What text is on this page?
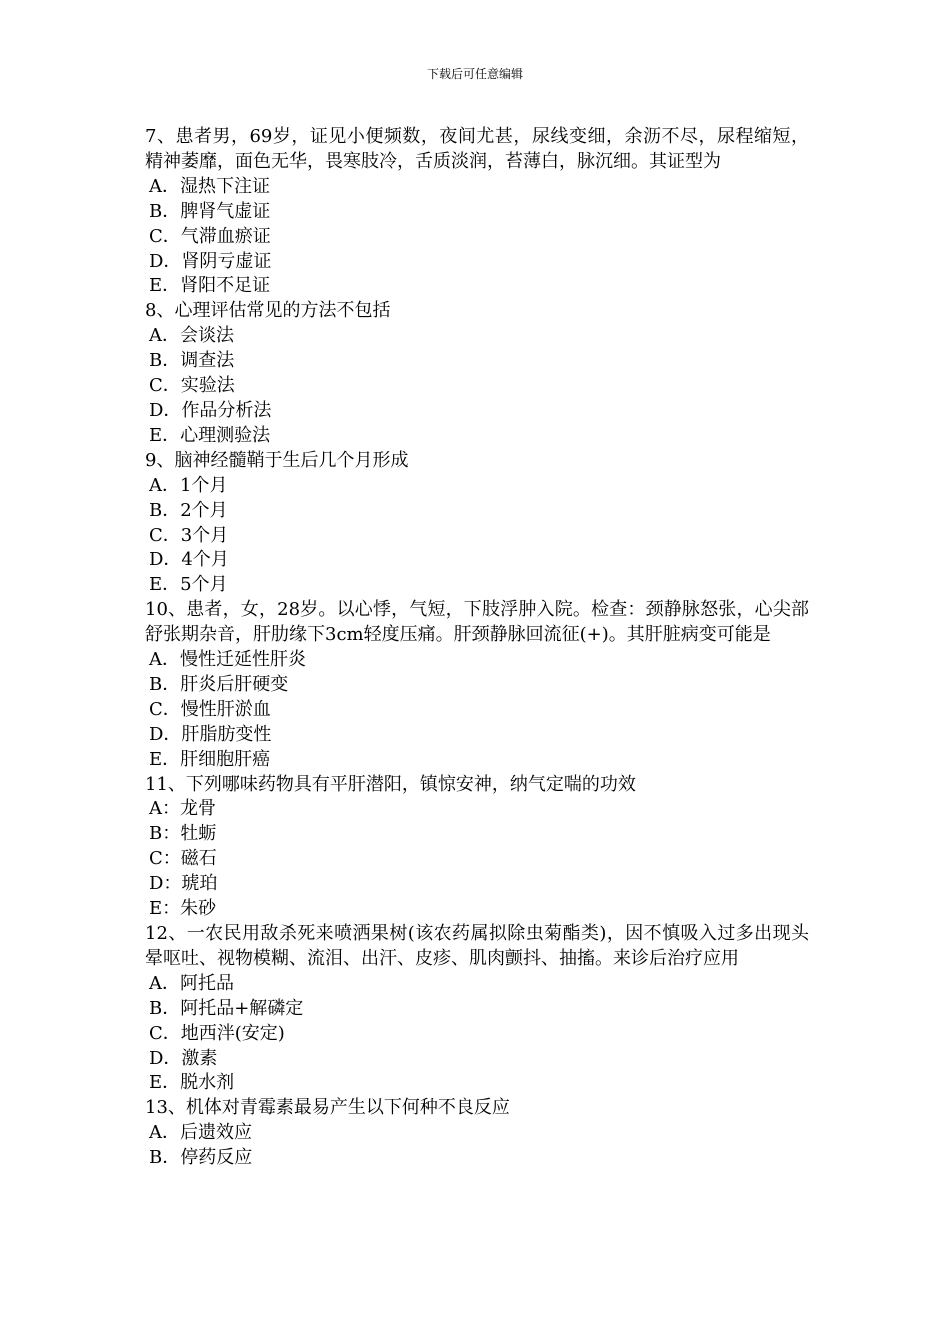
下载后可任意编辑

7、患者男，69岁，证见小便频数，夜间尤甚，尿线变细，余沥不尽，尿程缩短，精神萎靡，面色无华，畏寒肢冷，舌质淡润，苔薄白，脉沉细。其证型为

A．湿热下注证

B．脾肾气虚证

C．气滞血瘀证

D．肾阴亏虚证

E．肾阳不足证

8、心理评估常见的方法不包括

A．会谈法

B．调查法

C．实验法

D．作品分析法

E．心理测验法

9、脑神经髓鞘于生后几个月形成

A．1个月

B．2个月

C．3个月

D．4个月

E．5个月

10、患者，女，28岁。以心悸，气短，下肢浮肿入院。检查：颈静脉怒张，心尖部舒张期杂音，肝肋缘下3cm轻度压痛。肝颈静脉回流征(+)。其肝脏病变可能是

A．慢性迁延性肝炎

B．肝炎后肝硬变

C．慢性肝淤血

D．肝脂肪变性

E．肝细胞肝癌

11、下列哪味药物具有平肝潜阳，镇惊安神，纳气定喘的功效

A：龙骨

B：牡蛎

C：磁石

D：琥珀

E：朱砂

12、一农民用敌杀死来喷洒果树(该农药属拟除虫菊酯类)，因不慎吸入过多出现头晕呕吐、视物模糊、流泪、出汗、皮疹、肌肉颤抖、抽搐。来诊后治疗应用

A．阿托品

B．阿托品+解磷定

C．地西泮(安定)

D．激素

E．脱水剂

13、机体对青霉素最易产生以下何种不良反应

A．后遗效应

B．停药反应
